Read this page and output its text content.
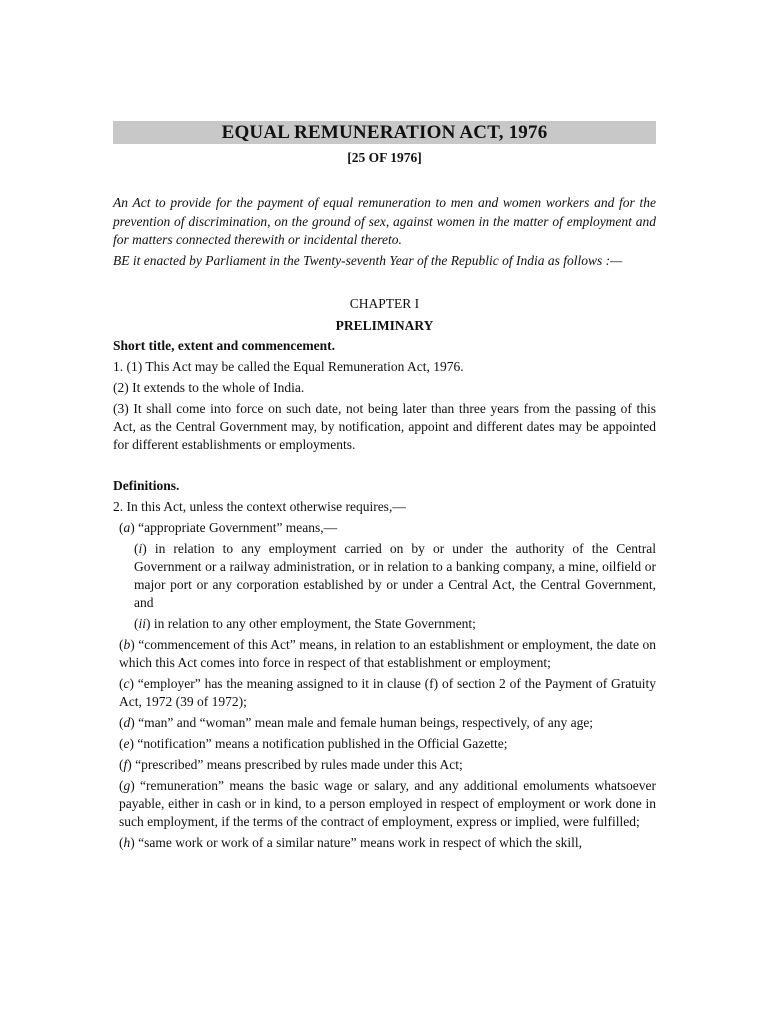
EQUAL REMUNERATION ACT, 1976
[25 OF 1976]
An Act to provide for the payment of equal remuneration to men and women workers and for the prevention of discrimination, on the ground of sex, against women in the matter of employment and for matters connected therewith or incidental thereto.
BE it enacted by Parliament in the Twenty-seventh Year of the Republic of India as follows :—
CHAPTER I
PRELIMINARY
Short title, extent and commencement.
1. (1) This Act may be called the Equal Remuneration Act, 1976.
(2) It extends to the whole of India.
(3) It shall come into force on such date, not being later than three years from the passing of this Act, as the Central Government may, by notification, appoint and different dates may be appointed for different establishments or employments.
Definitions.
2. In this Act, unless the context otherwise requires,—
(a) “appropriate Government” means,—
(i) in relation to any employment carried on by or under the authority of the Central Government or a railway administration, or in relation to a banking company, a mine, oilfield or major port or any corporation established by or under a Central Act, the Central Government, and
(ii) in relation to any other employment, the State Government;
(b) “commencement of this Act” means, in relation to an establishment or employment, the date on which this Act comes into force in respect of that establishment or employment;
(c) “employer” has the meaning assigned to it in clause (f) of section 2 of the Payment of Gratuity Act, 1972 (39 of 1972);
(d) “man” and “woman” mean male and female human beings, respectively, of any age;
(e) “notification” means a notification published in the Official Gazette;
(f) “prescribed” means prescribed by rules made under this Act;
(g) “remuneration” means the basic wage or salary, and any additional emoluments whatsoever payable, either in cash or in kind, to a person employed in respect of employment or work done in such employment, if the terms of the contract of employment, express or implied, were fulfilled;
(h) “same work or work of a similar nature” means work in respect of which the skill,
